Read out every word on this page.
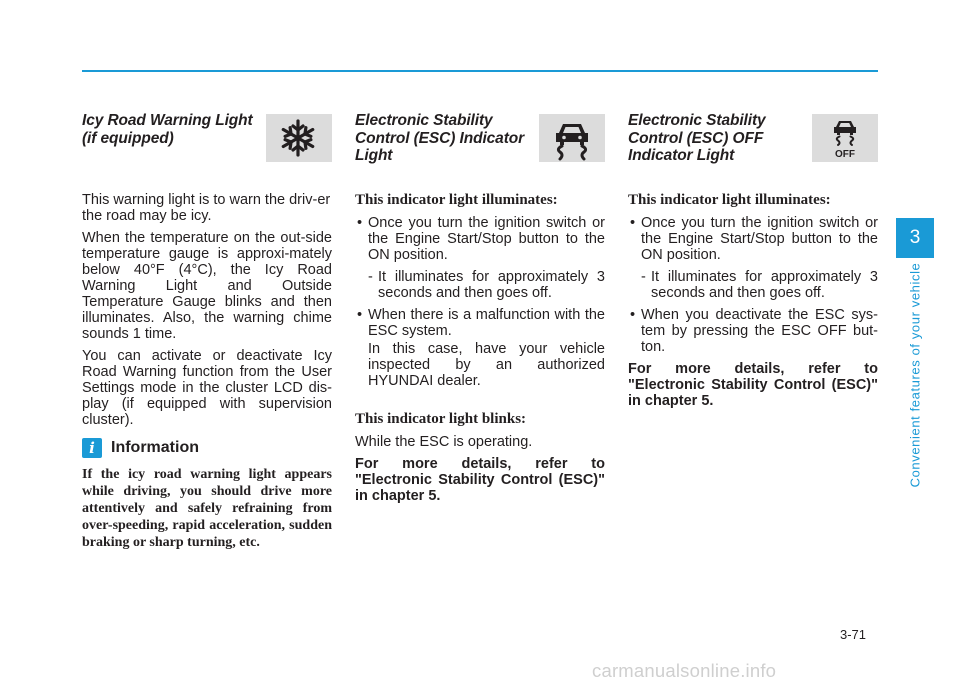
Icy Road Warning Light
(if equipped)

This warning light is to warn the driv-er the road may be icy.

When the temperature on the out-side temperature gauge is approxi-mately below 40°F (4°C), the Icy Road Warning Light and Outside Temperature Gauge blinks and then illuminates. Also, the warning chime sounds 1 time.

You can activate or deactivate Icy Road Warning function from the User Settings mode in the cluster LCD dis-play (if equipped with supervision cluster).

i	Information

If the icy road warning light appears while driving, you should drive more attentively and safely refraining from over-speeding, rapid acceleration, sudden braking or sharp turning, etc.

Electronic Stability
Control (ESC) Indicator
Light
This indicator light illuminates:
• Once you turn the ignition switch or the Engine Start/Stop button to the ON position.
- It illuminates for approximately 3 seconds and then goes off.
• When there is a malfunction with the ESC system.

In this case, have your vehicle inspected by an authorized HYUNDAI dealer.

This indicator light blinks:

While the ESC is operating.

For more details, refer to "Electronic Stability Control (ESC)" in chapter 5.

Electronic Stability
Control (ESC) OFF
Indicator Light	OFF
This indicator light illuminates:
• Once you turn the ignition switch or the Engine Start/Stop button to the ON position.
- It illuminates for approximately 3 seconds and then goes off.
• When you deactivate the ESC sys-tem by pressing the ESC OFF but-ton.

For more details, refer to "Electronic Stability Control (ESC)" in chapter 5.

3
Convenient features of your vehicle
3-71
carmanualsonline.info
